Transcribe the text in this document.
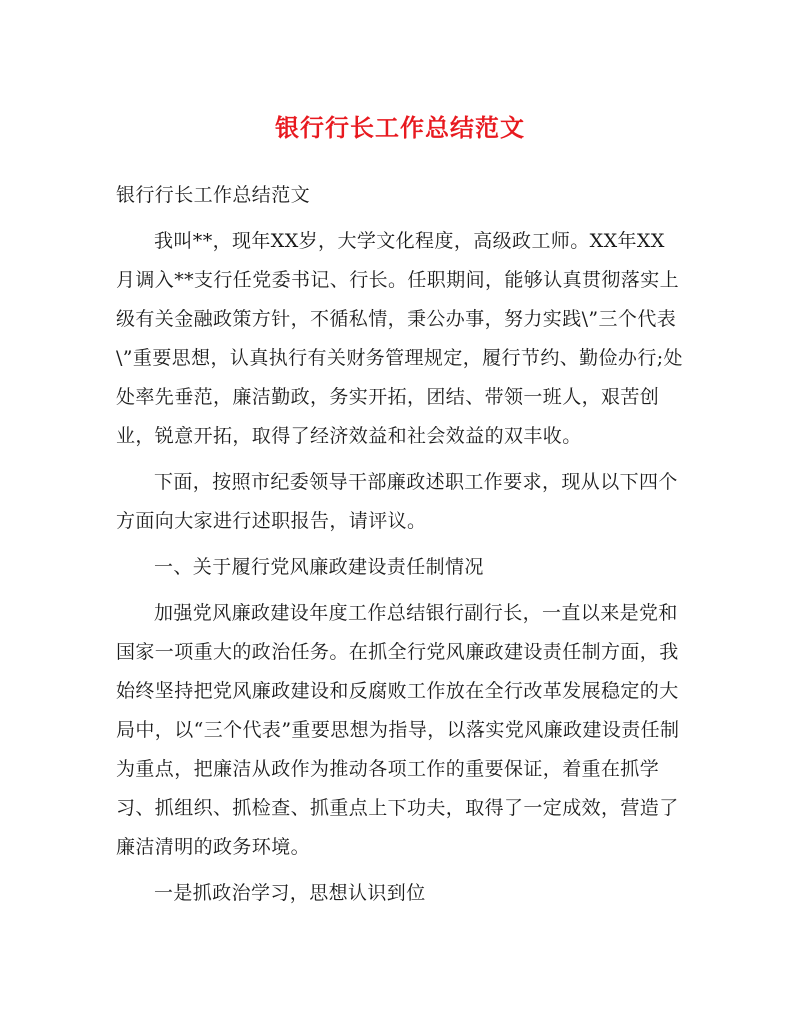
银行行长工作总结范文

银行行长工作总结范文

我叫**，现年XX岁，大学文化程度，高级政工师。XX年XX月调入**支行任党委书记、行长。任职期间，能够认真贯彻落实上级有关金融政策方针，不循私情，秉公办事，努力实践\”三个代表\”重要思想，认真执行有关财务管理规定，履行节约、勤俭办行;处处率先垂范，廉洁勤政，务实开拓，团结、带领一班人，艰苦创业，锐意开拓，取得了经济效益和社会效益的双丰收。

下面，按照市纪委领导干部廉政述职工作要求，现从以下四个方面向大家进行述职报告，请评议。

一、关于履行党风廉政建设责任制情况

加强党风廉政建设年度工作总结银行副行长，一直以来是党和国家一项重大的政治任务。在抓全行党风廉政建设责任制方面，我始终坚持把党风廉政建设和反腐败工作放在全行改革发展稳定的大局中，以“三个代表”重要思想为指导，以落实党风廉政建设责任制为重点，把廉洁从政作为推动各项工作的重要保证，着重在抓学习、抓组织、抓检查、抓重点上下功夫，取得了一定成效，营造了廉洁清明的政务环境。

一是抓政治学习，思想认识到位
